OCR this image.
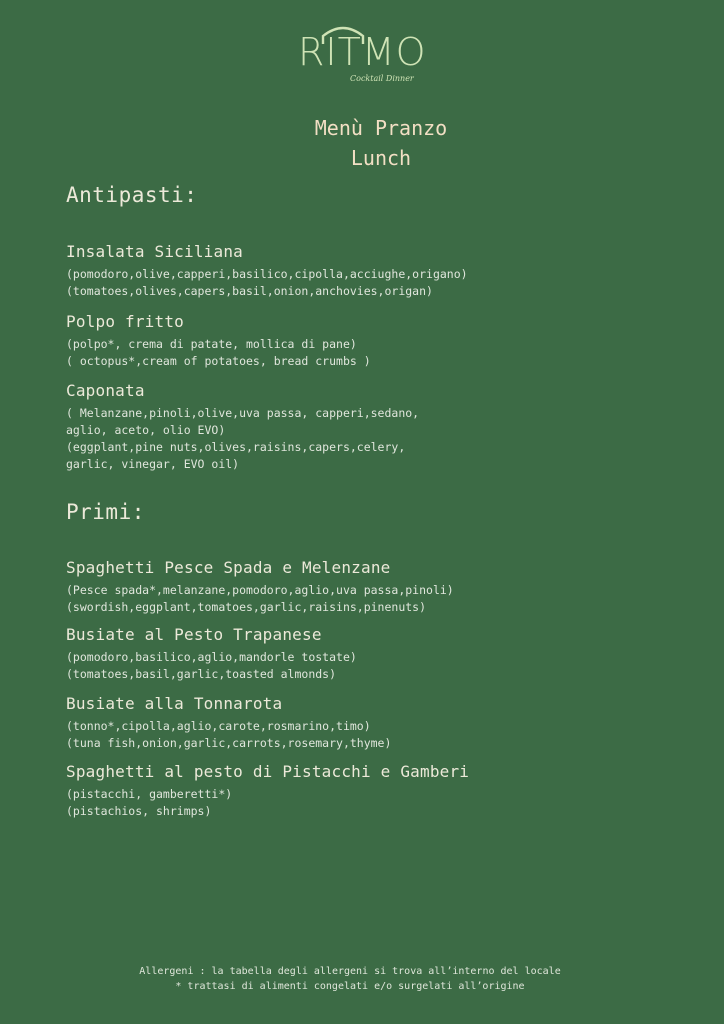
RITMO
Cocktail Dinner
Menù Pranzo
Lunch
Antipasti:
Insalata Siciliana
(pomodoro,olive,capperi,basilico,cipolla,acciughe,origano)
(tomatoes,olives,capers,basil,onion,anchovies,origan)
Polpo fritto
(polpo*, crema di patate, mollica di pane)
( octopus*,cream of potatoes, bread crumbs )
Caponata
( Melanzane,pinoli,olive,uva passa, capperi,sedano,
aglio, aceto, olio EVO)
(eggplant,pine nuts,olives,raisins,capers,celery,
garlic, vinegar, EVO oil)
Primi:
Spaghetti Pesce Spada e Melenzane
(Pesce spada*,melanzane,pomodoro,aglio,uva passa,pinoli)
(swordish,eggplant,tomatoes,garlic,raisins,pinenuts)
Busiate al Pesto Trapanese
(pomodoro,basilico,aglio,mandorle tostate)
(tomatoes,basil,garlic,toasted almonds)
Busiate alla Tonnarota
(tonno*,cipolla,aglio,carote,rosmarino,timo)
(tuna fish,onion,garlic,carrots,rosemary,thyme)
Spaghetti al pesto di Pistacchi e Gamberi
(pistacchi, gamberetti*)
(pistachios, shrimps)
Allergeni : la tabella degli allergeni si trova all’interno del locale
* trattasi di alimenti congelati e/o surgelati all’origine
